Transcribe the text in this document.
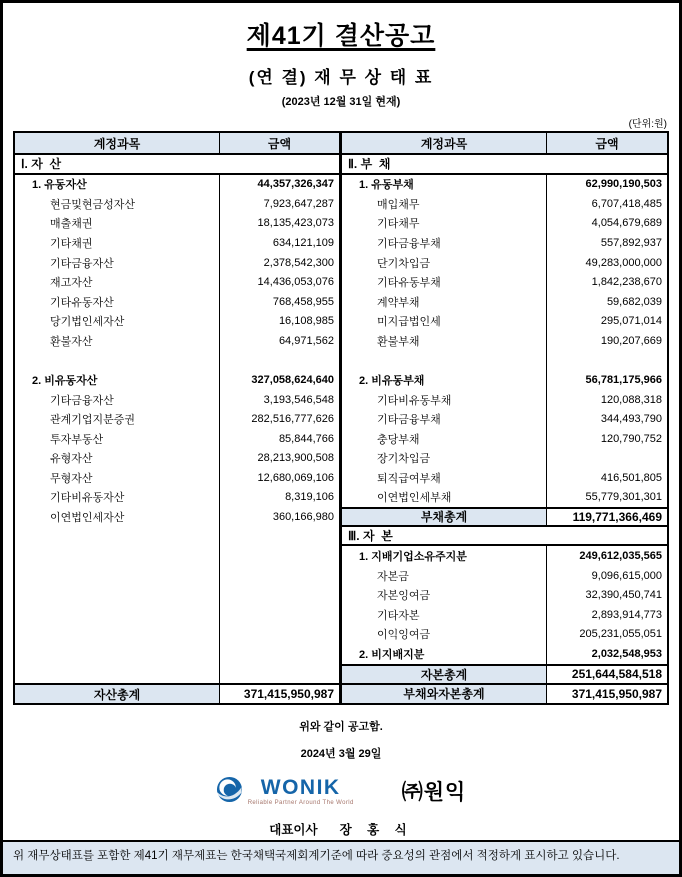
제41기 결산공고
(연 결) 재 무 상 태 표
(2023년 12월 31일 현재)
(단위:원)
계정과목	금액
Ⅰ. 자  산
1. 유동자산	44,357,326,347
현금및현금성자산	7,923,647,287
매출채권	18,135,423,073
기타채권	634,121,109
기타금융자산	2,378,542,300
재고자산	14,436,053,076
기타유동자산	768,458,955
당기법인세자산	16,108,985
환불자산	64,971,562
2. 비유동자산	327,058,624,640
기타금융자산	3,193,546,548
관계기업지분증권	282,516,777,626
투자부동산	85,844,766
유형자산	28,213,900,508
무형자산	12,680,069,106
기타비유동자산	8,319,106
이연법인세자산	360,166,980
자산총계	371,415,950,987
계정과목	금액
Ⅱ. 부  채
1. 유동부채	62,990,190,503
매입채무	6,707,418,485
기타채무	4,054,679,689
기타금융부채	557,892,937
단기차입금	49,283,000,000
기타유동부채	1,842,238,670
계약부채	59,682,039
미지급법인세	295,071,014
환불부채	190,207,669
2. 비유동부채	56,781,175,966
기타비유동부채	120,088,318
기타금융부채	344,493,790
충당부채	120,790,752
장기차입금
퇴직급여부채	416,501,805
이연법인세부채	55,779,301,301
부채총계	119,771,366,469
Ⅲ. 자  본
1. 지배기업소유주지분	249,612,035,565
자본금	9,096,615,000
자본잉여금	32,390,450,741
기타자본	2,893,914,773
이익잉여금	205,231,055,051
2. 비지배지분	2,032,548,953
자본총계	251,644,584,518
부채와자본총계	371,415,950,987
위와 같이 공고함.
2024년 3월 29일
WONIK
Reliable Partner Around The World ㈜원익
대표이사 장 홍 식
위 재무상태표를 포함한 제41기 재무제표는 한국채택국제회계기준에 따라 중요성의 관점에서 적정하게 표시하고 있습니다.
